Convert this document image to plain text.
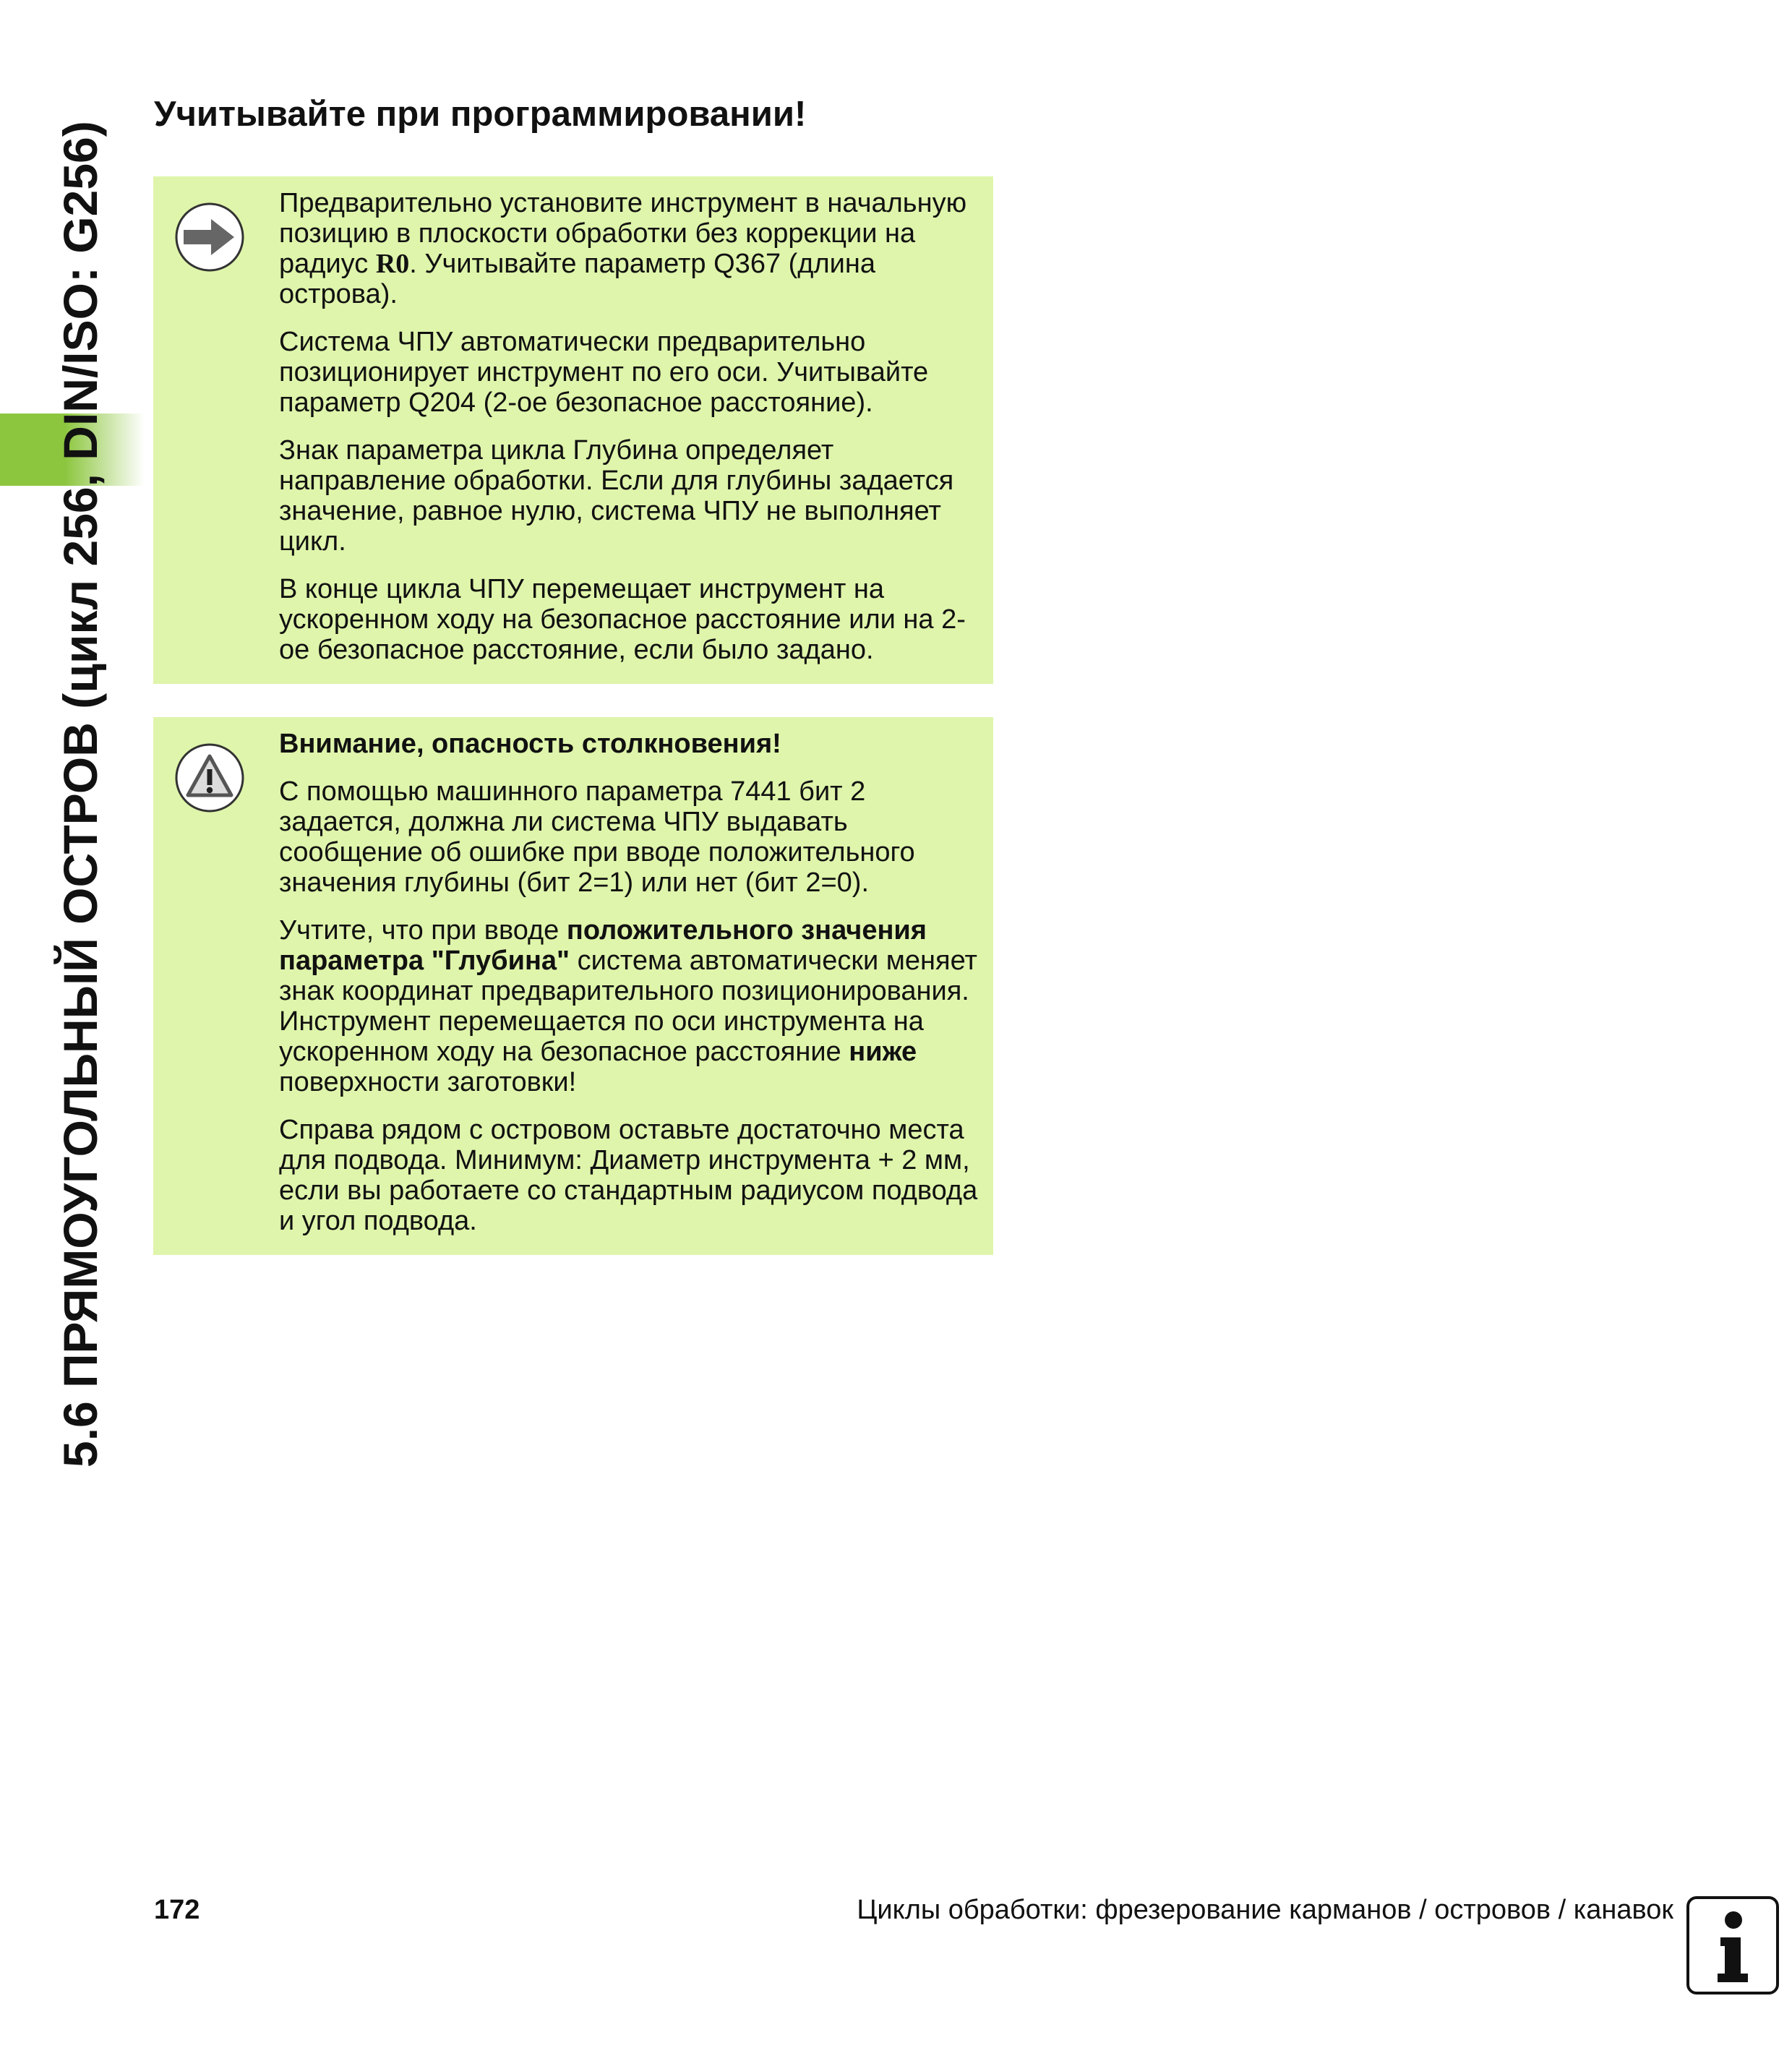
5.6 ПРЯМОУГОЛЬНЫЙ ОСТРОВ (цикл 256, DIN/ISO: G256)
Учитывайте при программировании!

Предварительно установите инструмент в начальную позицию в плоскости обработки без коррекции на радиус R0. Учитывайте параметр Q367 (длина острова).

Система ЧПУ автоматически предварительно позиционирует инструмент по его оси. Учитывайте параметр Q204 (2-ое безопасное расстояние).

Знак параметра цикла Глубина определяет направление обработки. Если для глубины задается значение, равное нулю, система ЧПУ не выполняет цикл.

В конце цикла ЧПУ перемещает инструмент на ускоренном ходу на безопасное расстояние или на 2-ое безопасное расстояние, если было задано.

Внимание, опасность столкновения!

С помощью машинного параметра 7441 бит 2 задается, должна ли система ЧПУ выдавать сообщение об ошибке при вводе положительного значения глубины (бит 2=1) или нет (бит 2=0).

Учтите, что при вводе положительного значения параметра "Глубина" система автоматически меняет знак координат предварительного позиционирования. Инструмент перемещается по оси инструмента на ускоренном ходу на безопасное расстояние ниже поверхности заготовки!

Справа рядом с островом оставьте достаточно места для подвода. Минимум: Диаметр инструмента + 2 мм, если вы работаете со стандартным радиусом подвода и угол подвода.

172	Циклы обработки: фрезерование карманов / островов / канавок
